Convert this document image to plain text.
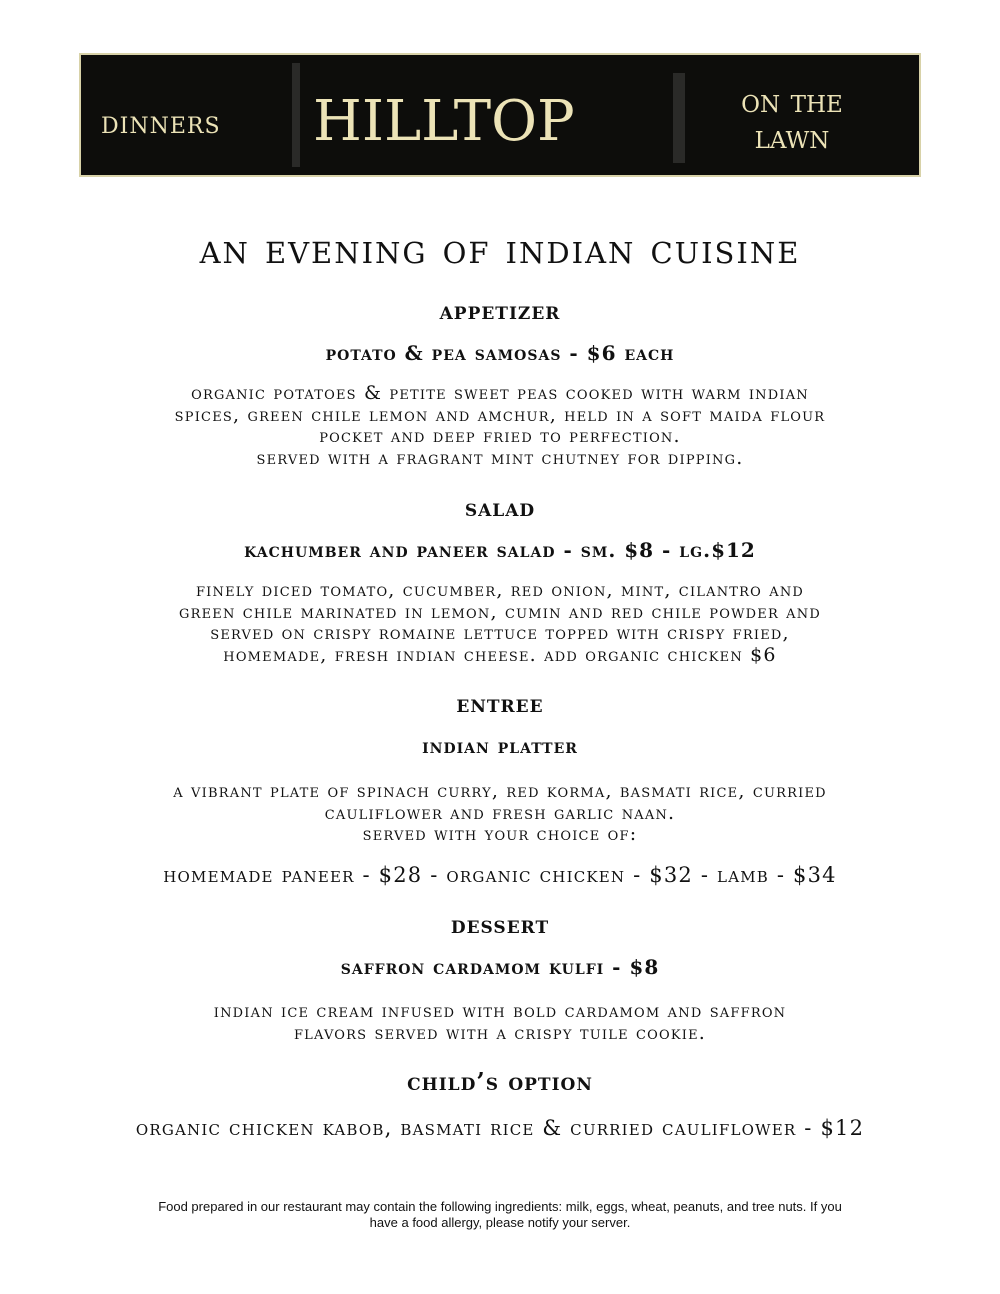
dinners hilltop	on the
lawn
an evening of indian cuisine
appetizer
potato & pea samosas - $6 each
organic potatoes & petite sweet peas cooked with warm indian
spices, green chile lemon and amchur, held in a soft maida flour
pocket and deep fried to perfection.
served with a fragrant mint chutney for dipping.
salad
kachumber and paneer salad - sm. $8 - lg.$12
finely diced tomato, cucumber, red onion, mint, cilantro and
green chile marinated in lemon, cumin and red chile powder and
served on crispy romaine lettuce topped with crispy fried,
homemade, fresh indian cheese. add organic chicken $6
entree
indian platter
a vibrant plate of spinach curry, red korma, basmati rice, curried
cauliflower and fresh garlic naan.
served with your choice of:
homemade paneer - $28 - organic chicken - $32 - lamb - $34
dessert
saffron cardamom kulfi - $8
indian ice cream infused with bold cardamom and saffron
flavors served with a crispy tuile cookie.
child’s option
organic chicken kabob, basmati rice & curried cauliflower - $12
Food prepared in our restaurant may contain the following ingredients: milk, eggs, wheat, peanuts, and tree nuts. If you
have a food allergy, please notify your server.
